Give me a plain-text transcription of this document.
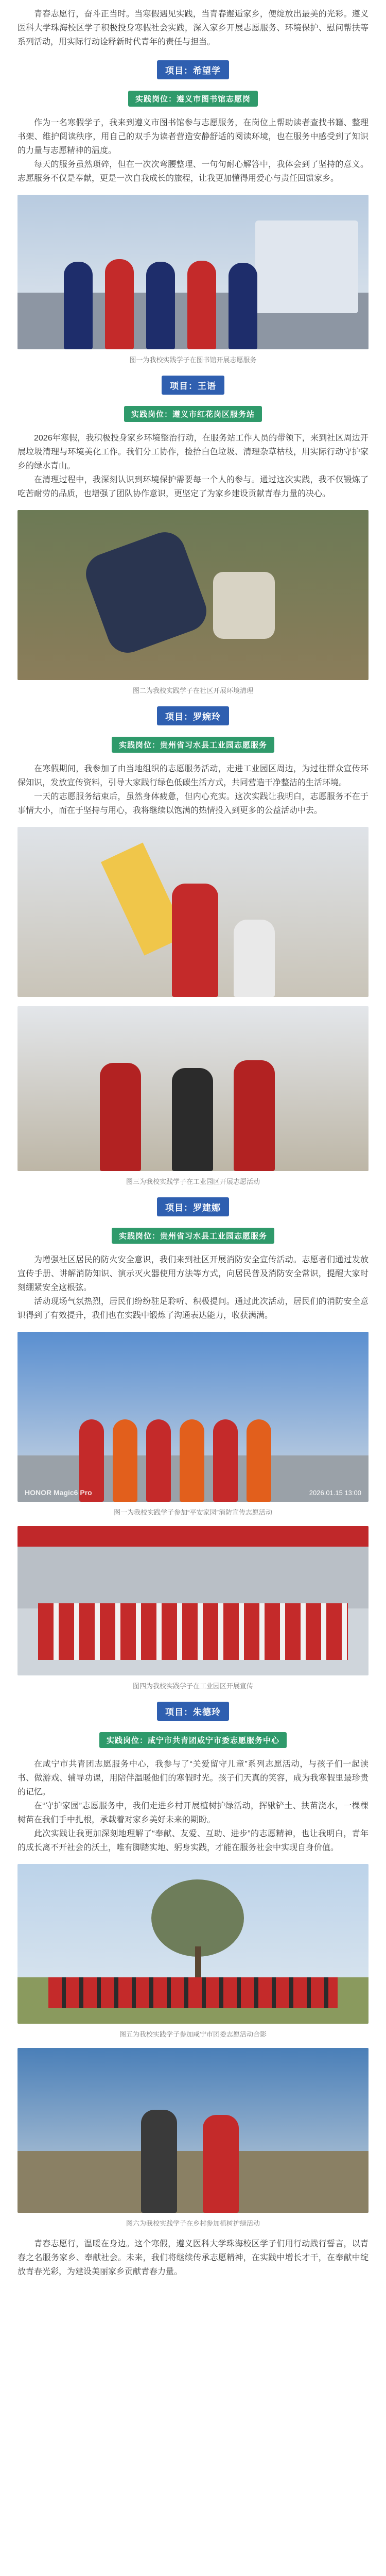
青春志愿行，奋斗正当时。当寒假遇见实践，当青春邂逅家乡，便绽放出最美的光彩。遵义医科大学珠海校区学子积极投身寒假社会实践，深入家乡开展志愿服务、环境保护、慰问帮扶等系列活动，用实际行动诠释新时代青年的责任与担当。

项目：希望学
实践岗位：遵义市图书馆志愿岗

作为一名寒假学子，我来到遵义市图书馆参与志愿服务，在岗位上帮助读者查找书籍、整理书架、维护阅读秩序，用自己的双手为读者营造安静舒适的阅读环境，也在服务中感受到了知识的力量与志愿精神的温度。

每天的服务虽然琐碎，但在一次次弯腰整理、一句句耐心解答中，我体会到了坚持的意义。志愿服务不仅是奉献，更是一次自我成长的旅程，让我更加懂得用爱心与责任回馈家乡。

图一为我校实践学子在图书馆开展志愿服务
项目：王语
实践岗位：遵义市红花岗区服务站

2026年寒假，我积极投身家乡环境整治行动，在服务站工作人员的带领下，来到社区周边开展垃圾清理与环境美化工作。我们分工协作，捡拾白色垃圾、清理杂草枯枝，用实际行动守护家乡的绿水青山。

在清理过程中，我深刻认识到环境保护需要每一个人的参与。通过这次实践，我不仅锻炼了吃苦耐劳的品质，也增强了团队协作意识，更坚定了为家乡建设贡献青春力量的决心。

图二为我校实践学子在社区开展环境清理
项目：罗婉玲
实践岗位：贵州省习水县工业园志愿服务

在寒假期间，我参加了由当地组织的志愿服务活动，走进工业园区周边，为过往群众宣传环保知识，发放宣传资料，引导大家践行绿色低碳生活方式，共同营造干净整洁的生活环境。

一天的志愿服务结束后，虽然身体疲惫，但内心充实。这次实践让我明白，志愿服务不在于事情大小，而在于坚持与用心，我将继续以饱满的热情投入到更多的公益活动中去。

图三为我校实践学子在工业园区开展志愿活动
项目：罗建娜
实践岗位：贵州省习水县工业园志愿服务

为增强社区居民的防火安全意识，我们来到社区开展消防安全宣传活动。志愿者们通过发放宣传手册、讲解消防知识、演示灭火器使用方法等方式，向居民普及消防安全常识，提醒大家时刻绷紧安全这根弦。

活动现场气氛热烈，居民们纷纷驻足聆听、积极提问。通过此次活动，居民们的消防安全意识得到了有效提升，我们也在实践中锻炼了沟通表达能力，收获满满。

HONOR Magic6 Pro	2026.01.15 13:00
图一为我校实践学子参加“平安家园”消防宣传志愿活动
图四为我校实践学子在工业园区开展宣传
项目：朱德玲
实践岗位：咸宁市共青团咸宁市委志愿服务中心

在咸宁市共青团志愿服务中心，我参与了“关爱留守儿童”系列志愿活动，与孩子们一起读书、做游戏、辅导功课，用陪伴温暖他们的寒假时光。孩子们天真的笑容，成为我寒假里最珍贵的记忆。

在“守护家园”志愿服务中，我们走进乡村开展植树护绿活动，挥锹铲土、扶苗浇水，一棵棵树苗在我们手中扎根，承载着对家乡美好未来的期盼。

此次实践让我更加深刻地理解了“奉献、友爱、互助、进步”的志愿精神，也让我明白，青年的成长离不开社会的沃土，唯有脚踏实地、躬身实践，才能在服务社会中实现自身价值。

图五为我校实践学子参加咸宁市团委志愿活动合影
图六为我校实践学子在乡村参加植树护绿活动

青春志愿行，温暖在身边。这个寒假，遵义医科大学珠海校区学子们用行动践行誓言，以青春之名服务家乡、奉献社会。未来，我们将继续传承志愿精神，在实践中增长才干，在奉献中绽放青春光彩，为建设美丽家乡贡献青春力量。
